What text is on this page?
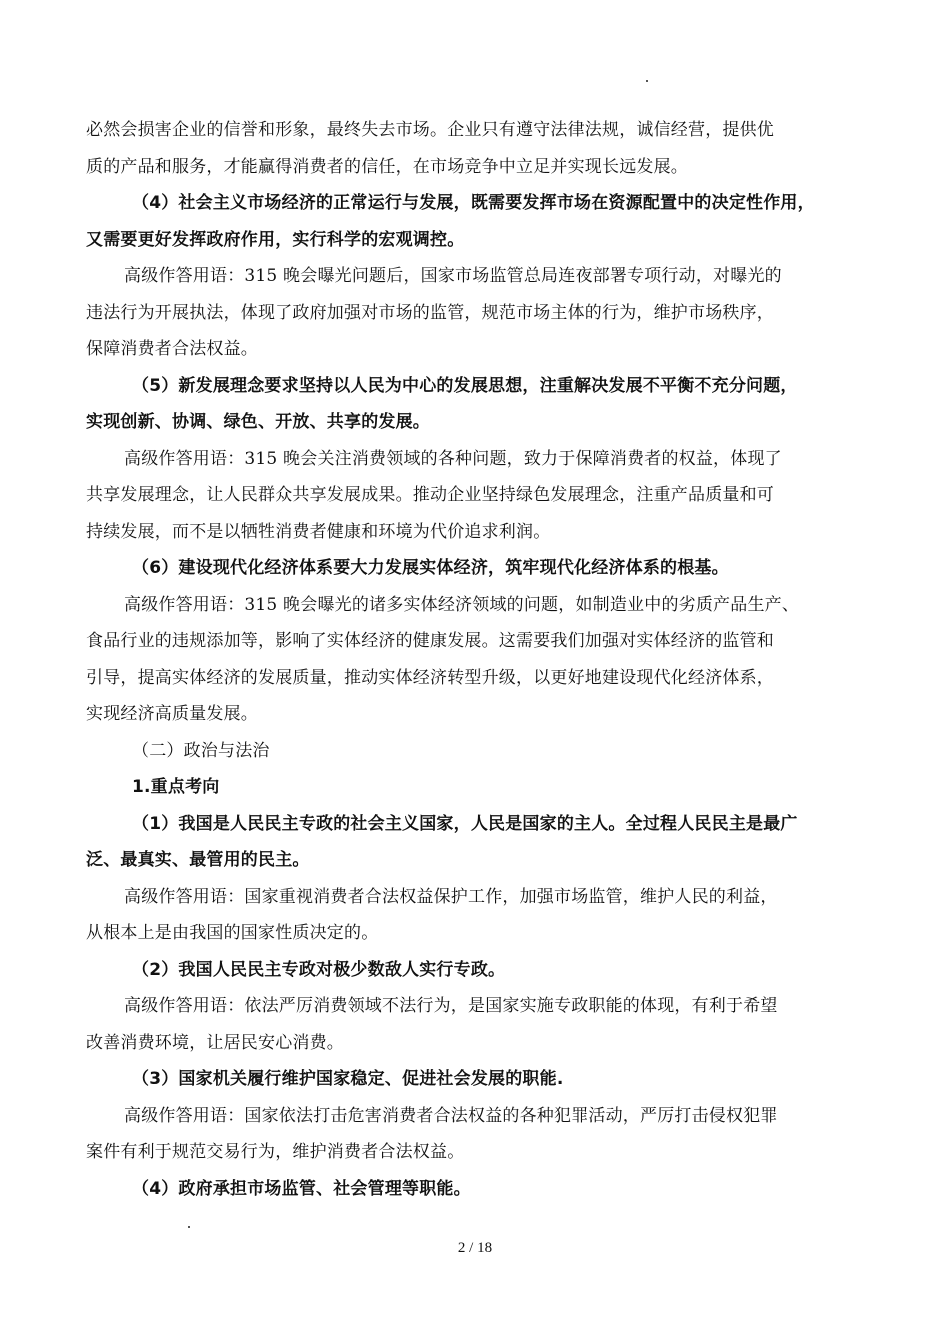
必然会损害企业的信誉和形象，最终失去市场。企业只有遵守法律法规，诚信经营，提供优
质的产品和服务，才能赢得消费者的信任，在市场竞争中立足并实现长远发展。
（4）社会主义市场经济的正常运行与发展，既需要发挥市场在资源配置中的决定性作用，
又需要更好发挥政府作用，实行科学的宏观调控。
高级作答用语：315 晚会曝光问题后，国家市场监管总局连夜部署专项行动，对曝光的
违法行为开展执法，体现了政府加强对市场的监管，规范市场主体的行为，维护市场秩序，
保障消费者合法权益。
（5）新发展理念要求坚持以人民为中心的发展思想，注重解决发展不平衡不充分问题，
实现创新、协调、绿色、开放、共享的发展。
高级作答用语：315 晚会关注消费领域的各种问题，致力于保障消费者的权益，体现了
共享发展理念，让人民群众共享发展成果。推动企业坚持绿色发展理念，注重产品质量和可
持续发展，而不是以牺牲消费者健康和环境为代价追求利润。
（6）建设现代化经济体系要大力发展实体经济，筑牢现代化经济体系的根基。
高级作答用语：315 晚会曝光的诸多实体经济领域的问题，如制造业中的劣质产品生产、
食品行业的违规添加等，影响了实体经济的健康发展。这需要我们加强对实体经济的监管和
引导，提高实体经济的发展质量，推动实体经济转型升级，以更好地建设现代化经济体系，
实现经济高质量发展。
（二）政治与法治
1.重点考向
（1）我国是人民民主专政的社会主义国家，人民是国家的主人。全过程人民民主是最广
泛、最真实、最管用的民主。
高级作答用语：国家重视消费者合法权益保护工作，加强市场监管，维护人民的利益，
从根本上是由我国的国家性质决定的。
（2）我国人民民主专政对极少数敌人实行专政。
高级作答用语：依法严厉消费领域不法行为，是国家实施专政职能的体现，有利于希望
改善消费环境，让居民安心消费。
（3）国家机关履行维护国家稳定、促进社会发展的职能.
高级作答用语：国家依法打击危害消费者合法权益的各种犯罪活动，严厉打击侵权犯罪
案件有利于规范交易行为，维护消费者合法权益。
（4）政府承担市场监管、社会管理等职能。
2 / 18
